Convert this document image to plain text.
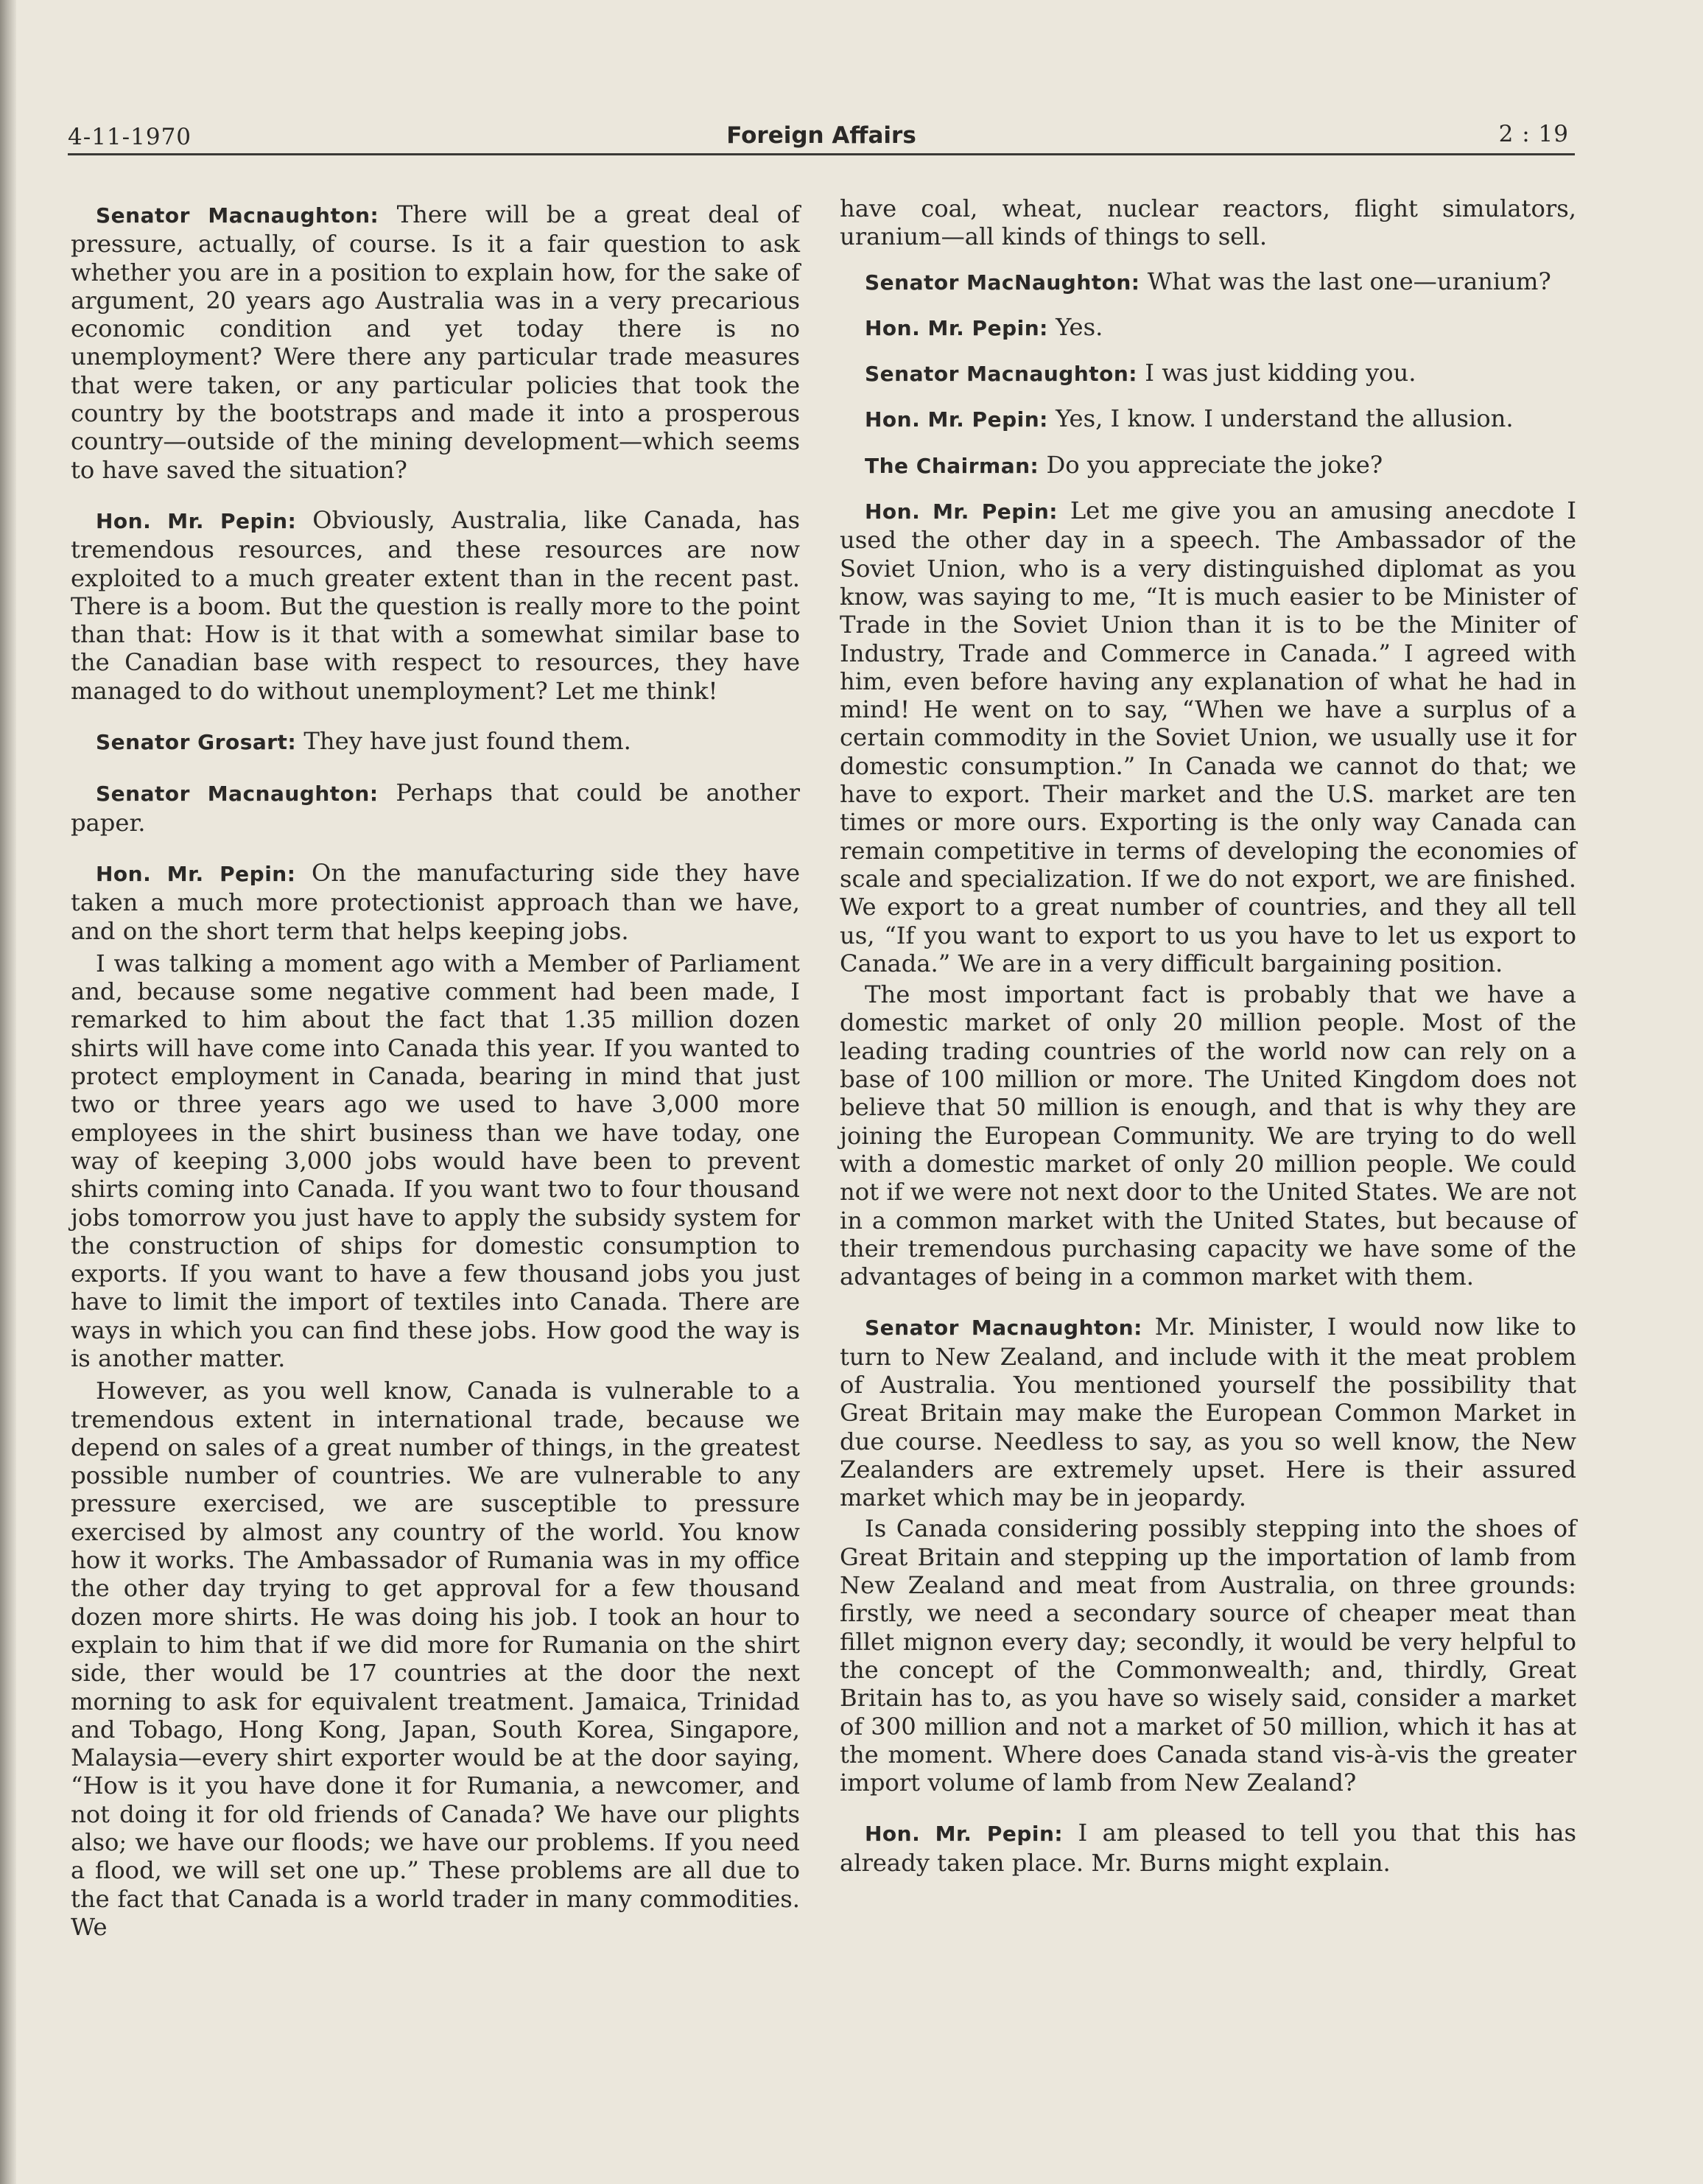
4-11-1970	Foreign Affairs	2 : 19

Senator Macnaughton: There will be a great deal of pressure, actually, of course. Is it a fair question to ask whether you are in a position to explain how, for the sake of argument, 20 years ago Australia was in a very precarious economic condition and yet today there is no unemployment? Were there any particular trade measures that were taken, or any particular policies that took the country by the bootstraps and made it into a prosperous country—outside of the mining development—which seems to have saved the situation?

Hon. Mr. Pepin: Obviously, Australia, like Canada, has tremendous resources, and these resources are now exploited to a much greater extent than in the recent past. There is a boom. But the question is really more to the point than that: How is it that with a somewhat similar base to the Canadian base with respect to resources, they have managed to do without unemployment? Let me think!

Senator Grosart: They have just found them.

Senator Macnaughton: Perhaps that could be another paper.

Hon. Mr. Pepin: On the manufacturing side they have taken a much more protectionist approach than we have, and on the short term that helps keeping jobs.

I was talking a moment ago with a Member of Parliament and, because some negative comment had been made, I remarked to him about the fact that 1.35 million dozen shirts will have come into Canada this year. If you wanted to protect employment in Canada, bearing in mind that just two or three years ago we used to have 3,000 more employees in the shirt business than we have today, one way of keeping 3,000 jobs would have been to prevent shirts coming into Canada. If you want two to four thousand jobs tomorrow you just have to apply the subsidy system for the construction of ships for domestic consumption to exports. If you want to have a few thousand jobs you just have to limit the import of textiles into Canada. There are ways in which you can find these jobs. How good the way is is another matter.

However, as you well know, Canada is vulnerable to a tremendous extent in international trade, because we depend on sales of a great number of things, in the greatest possible number of countries. We are vulnerable to any pressure exercised, we are susceptible to pressure exercised by almost any country of the world. You know how it works. The Ambassador of Rumania was in my office the other day trying to get approval for a few thousand dozen more shirts. He was doing his job. I took an hour to explain to him that if we did more for Rumania on the shirt side, ther would be 17 countries at the door the next morning to ask for equivalent treatment. Jamaica, Trinidad and Tobago, Hong Kong, Japan, South Korea, Singapore, Malaysia—every shirt exporter would be at the door saying, “How is it you have done it for Rumania, a newcomer, and not doing it for old friends of Canada? We have our plights also; we have our floods; we have our problems. If you need a flood, we will set one up.” These problems are all due to the fact that Canada is a world trader in many commodities. We

have coal, wheat, nuclear reactors, flight simulators, uranium—all kinds of things to sell.

Senator MacNaughton: What was the last one—uranium?

Hon. Mr. Pepin: Yes.

Senator Macnaughton: I was just kidding you.

Hon. Mr. Pepin: Yes, I know. I understand the allusion.

The Chairman: Do you appreciate the joke?

Hon. Mr. Pepin: Let me give you an amusing anecdote I used the other day in a speech. The Ambassador of the Soviet Union, who is a very distinguished diplomat as you know, was saying to me, “It is much easier to be Minister of Trade in the Soviet Union than it is to be the Miniter of Industry, Trade and Commerce in Canada.” I agreed with him, even before having any explanation of what he had in mind! He went on to say, “When we have a surplus of a certain commodity in the Soviet Union, we usually use it for domestic consumption.” In Canada we cannot do that; we have to export. Their market and the U.S. market are ten times or more ours. Exporting is the only way Canada can remain competitive in terms of developing the economies of scale and specialization. If we do not export, we are finished. We export to a great number of countries, and they all tell us, “If you want to export to us you have to let us export to Canada.” We are in a very difficult bargaining position.

The most important fact is probably that we have a domestic market of only 20 million people. Most of the leading trading countries of the world now can rely on a base of 100 million or more. The United Kingdom does not believe that 50 million is enough, and that is why they are joining the European Community. We are trying to do well with a domestic market of only 20 million people. We could not if we were not next door to the United States. We are not in a common market with the United States, but because of their tremendous purchasing capacity we have some of the advantages of being in a common market with them.

Senator Macnaughton: Mr. Minister, I would now like to turn to New Zealand, and include with it the meat problem of Australia. You mentioned yourself the possibility that Great Britain may make the European Common Market in due course. Needless to say, as you so well know, the New Zealanders are extremely upset. Here is their assured market which may be in jeopardy.

Is Canada considering possibly stepping into the shoes of Great Britain and stepping up the importation of lamb from New Zealand and meat from Australia, on three grounds: firstly, we need a secondary source of cheaper meat than fillet mignon every day; secondly, it would be very helpful to the concept of the Commonwealth; and, thirdly, Great Britain has to, as you have so wisely said, consider a market of 300 million and not a market of 50 million, which it has at the moment. Where does Canada stand vis-à-vis the greater import volume of lamb from New Zealand?

Hon. Mr. Pepin: I am pleased to tell you that this has already taken place. Mr. Burns might explain.
